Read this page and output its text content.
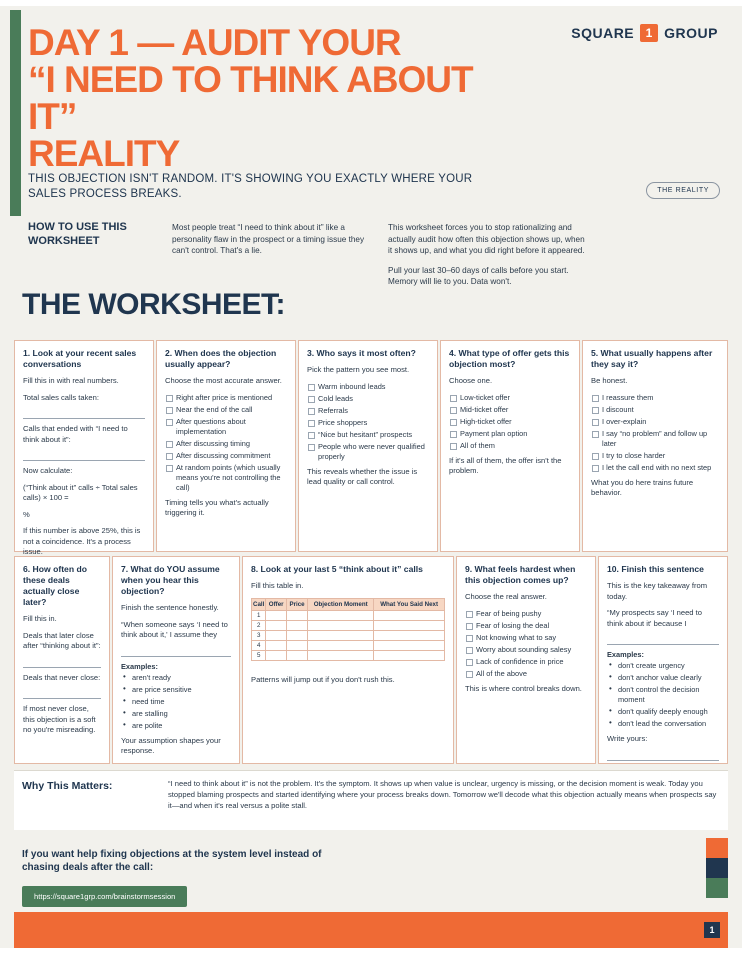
SQUARE 1 GROUP
DAY 1 — AUDIT YOUR
“I NEED TO THINK ABOUT IT”
REALITY
THIS OBJECTION ISN'T RANDOM. IT'S SHOWING YOU EXACTLY WHERE YOUR SALES PROCESS BREAKS.	THE REALITY
HOW TO USE THIS WORKSHEET
Most people treat “I need to think about it” like a personality flaw in the prospect or a timing issue they can't control. That's a lie.

This worksheet forces you to stop rationalizing and actually audit how often this objection shows up, when it shows up, and what you did right before it appeared.

Pull your last 30–60 days of calls before you start. Memory will lie to you. Data won't.

THE WORKSHEET:
1. Look at your recent sales conversations

Fill this in with real numbers.

Total sales calls taken:

Calls that ended with “I need to think about it”:

Now calculate:

(“Think about it” calls ÷ Total sales calls) × 100 =

%

If this number is above 25%, this is not a coincidence. It's a process issue.

2. When does the objection usually appear?

Choose the most accurate answer.

Right after price is mentioned
Near the end of the call
After questions about implementation
After discussing timing
After discussing commitment
At random points (which usually means you're not controlling the call)

Timing tells you what's actually triggering it.

3. Who says it most often?

Pick the pattern you see most.

Warm inbound leads
Cold leads
Referrals
Price shoppers
“Nice but hesitant” prospects
People who were never qualified properly

This reveals whether the issue is lead quality or call control.

4. What type of offer gets this objection most?

Choose one.

Low-ticket offer
Mid-ticket offer
High-ticket offer
Payment plan option
All of them

If it's all of them, the offer isn't the problem.

5. What usually happens after they say it?

Be honest.

I reassure them
I discount
I over-explain
I say “no problem” and follow up later
I try to close harder
I let the call end with no next step

What you do here trains future behavior.

6. How often do these deals actually close later?

Fill this in.

Deals that later close after “thinking about it”:

Deals that never close:

If most never close, this objection is a soft no you're misreading.

7. What do YOU assume when you hear this objection?

Finish the sentence honestly.

“When someone says ‘I need to think about it,' I assume they

Examples:
• aren't ready
• are price sensitive
• need time
• are stalling
• are polite

Your assumption shapes your response.

8. Look at your last 5 “think about it” calls

Fill this table in.

Call	Offer	Price	Objection Moment	What You Said Next
1				
2				
3				
4				
5				

Patterns will jump out if you don't rush this.

9. What feels hardest when this objection comes up?

Choose the real answer.

Fear of being pushy
Fear of losing the deal
Not knowing what to say
Worry about sounding salesy
Lack of confidence in price
All of the above

This is where control breaks down.

10. Finish this sentence

This is the key takeaway from today.

“My prospects say ‘I need to think about it' because I

Examples:
• don't create urgency
• don't anchor value clearly
• don't control the decision moment
• don't qualify deeply enough
• don't lead the conversation

Write yours:

Why This Matters:	“I need to think about it” is not the problem. It's the symptom. It shows up when value is unclear, urgency is missing, or the decision moment is weak. Today you stopped blaming prospects and started identifying where your process breaks down. Tomorrow we'll decode what this objection actually means when prospects say it—and when it's real versus a polite stall.
If you want help fixing objections at the system level instead of chasing deals after the call:
https://square1grp.com/brainstormsession
1
